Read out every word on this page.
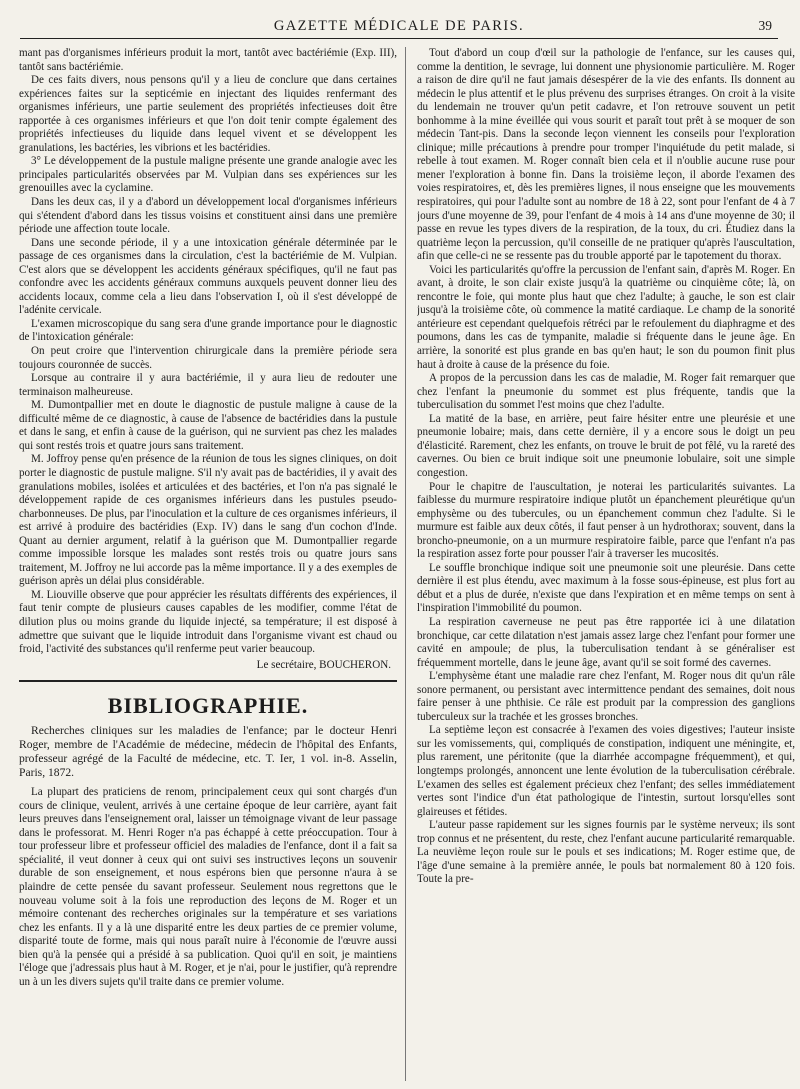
GAZETTE MÉDICALE DE PARIS.	39

mant pas d'organismes inférieurs produit la mort, tantôt avec bactériémie (Exp. III), tantôt sans bactériémie.

De ces faits divers, nous pensons qu'il y a lieu de conclure que dans certaines expériences faites sur la septicémie en injectant des liquides renfermant des organismes inférieurs, une partie seulement des propriétés infectieuses doit être rapportée à ces organismes inférieurs et que l'on doit tenir compte également des propriétés infectieuses du liquide dans lequel vivent et se développent les granulations, les bactéries, les vibrions et les bactéridies.

3° Le développement de la pustule maligne présente une grande analogie avec les principales particularités observées par M. Vulpian dans ses expériences sur les grenouilles avec la cyclamine.

Dans les deux cas, il y a d'abord un développement local d'organismes inférieurs qui s'étendent d'abord dans les tissus voisins et constituent ainsi dans une première période une affection toute locale.

Dans une seconde période, il y a une intoxication générale déterminée par le passage de ces organismes dans la circulation, c'est la bactériémie de M. Vulpian. C'est alors que se développent les accidents généraux spécifiques, qu'il ne faut pas confondre avec les accidents généraux communs auxquels peuvent donner lieu des accidents locaux, comme cela a lieu dans l'observation I, où il s'est développé de l'adénite cervicale.

L'examen microscopique du sang sera d'une grande importance pour le diagnostic de l'intoxication générale:

On peut croire que l'intervention chirurgicale dans la première période sera toujours couronnée de succès.

Lorsque au contraire il y aura bactériémie, il y aura lieu de redouter une terminaison malheureuse.

M. Dumontpallier met en doute le diagnostic de pustule maligne à cause de la difficulté même de ce diagnostic, à cause de l'absence de bactéridies dans la pustule et dans le sang, et enfin à cause de la guérison, qui ne survient pas chez les malades qui sont restés trois et quatre jours sans traitement.

M. Joffroy pense qu'en présence de la réunion de tous les signes cliniques, on doit porter le diagnostic de pustule maligne. S'il n'y avait pas de bactéridies, il y avait des granulations mobiles, isolées et articulées et des bactéries, et l'on n'a pas signalé le développement rapide de ces organismes inférieurs dans les pustules pseudo-charbonneuses. De plus, par l'inoculation et la culture de ces organismes inférieurs, il est arrivé à produire des bactéridies (Exp. IV) dans le sang d'un cochon d'Inde. Quant au dernier argument, relatif à la guérison que M. Dumontpallier regarde comme impossible lorsque les malades sont restés trois ou quatre jours sans traitement, M. Joffroy ne lui accorde pas la même importance. Il y a des exemples de guérison après un délai plus considérable.

M. Liouville observe que pour apprécier les résultats différents des expériences, il faut tenir compte de plusieurs causes capables de les modifier, comme l'état de dilution plus ou moins grande du liquide injecté, sa température; il est disposé à admettre que suivant que le liquide introduit dans l'organisme vivant est chaud ou froid, l'activité des substances qu'il renferme peut varier beaucoup.

Le secrétaire, BOUCHERON.
BIBLIOGRAPHIE.

Recherches cliniques sur les maladies de l'enfance; par le docteur Henri Roger, membre de l'Académie de médecine, médecin de l'hôpital des Enfants, professeur agrégé de la Faculté de médecine, etc. T. Ier, 1 vol. in-8. Asselin, Paris, 1872.

La plupart des praticiens de renom, principalement ceux qui sont chargés d'un cours de clinique, veulent, arrivés à une certaine époque de leur carrière, ayant fait leurs preuves dans l'enseignement oral, laisser un témoignage vivant de leur passage dans le professorat. M. Henri Roger n'a pas échappé à cette préoccupation. Tour à tour professeur libre et professeur officiel des maladies de l'enfance, dont il a fait sa spécialité, il veut donner à ceux qui ont suivi ses instructives leçons un souvenir durable de son enseignement, et nous espérons bien que personne n'aura à se plaindre de cette pensée du savant professeur. Seulement nous regrettons que le nouveau volume soit à la fois une reproduction des leçons de M. Roger et un mémoire contenant des recherches originales sur la température et ses variations chez les enfants. Il y a là une disparité entre les deux parties de ce premier volume, disparité toute de forme, mais qui nous paraît nuire à l'économie de l'œuvre aussi bien qu'à la pensée qui a présidé à sa publication. Quoi qu'il en soit, je maintiens l'éloge que j'adressais plus haut à M. Roger, et je n'ai, pour le justifier, qu'à reprendre un à un les divers sujets qu'il traite dans ce premier volume.

Tout d'abord un coup d'œil sur la pathologie de l'enfance, sur les causes qui, comme la dentition, le sevrage, lui donnent une physionomie particulière. M. Roger a raison de dire qu'il ne faut jamais désespérer de la vie des enfants. Ils donnent au médecin le plus attentif et le plus prévenu des surprises étranges. On croit à la visite du lendemain ne trouver qu'un petit cadavre, et l'on retrouve souvent un petit bonhomme à la mine éveillée qui vous sourit et paraît tout prêt à se moquer de son médecin Tant-pis. Dans la seconde leçon viennent les conseils pour l'exploration clinique; mille précautions à prendre pour tromper l'inquiétude du petit malade, si rebelle à tout examen. M. Roger connaît bien cela et il n'oublie aucune ruse pour mener l'exploration à bonne fin. Dans la troisième leçon, il aborde l'examen des voies respiratoires, et, dès les premières lignes, il nous enseigne que les mouvements respiratoires, qui pour l'adulte sont au nombre de 18 à 22, sont pour l'enfant de 4 à 7 jours d'une moyenne de 39, pour l'enfant de 4 mois à 14 ans d'une moyenne de 30; il passe en revue les types divers de la respiration, de la toux, du cri. Étudiez dans la quatrième leçon la percussion, qu'il conseille de ne pratiquer qu'après l'auscultation, afin que celle-ci ne se ressente pas du trouble apporté par le tapotement du thorax.

Voici les particularités qu'offre la percussion de l'enfant sain, d'après M. Roger. En avant, à droite, le son clair existe jusqu'à la quatrième ou cinquième côte; là, on rencontre le foie, qui monte plus haut que chez l'adulte; à gauche, le son est clair jusqu'à la troisième côte, où commence la matité cardiaque. Le champ de la sonorité antérieure est cependant quelquefois rétréci par le refoulement du diaphragme et des poumons, dans les cas de tympanite, maladie si fréquente dans le jeune âge. En arrière, la sonorité est plus grande en bas qu'en haut; le son du poumon finit plus haut à droite à cause de la présence du foie.

A propos de la percussion dans les cas de maladie, M. Roger fait remarquer que chez l'enfant la pneumonie du sommet est plus fréquente, tandis que la tuberculisation du sommet l'est moins que chez l'adulte.

La matité de la base, en arrière, peut faire hésiter entre une pleurésie et une pneumonie lobaire; mais, dans cette dernière, il y a encore sous le doigt un peu d'élasticité. Rarement, chez les enfants, on trouve le bruit de pot fêlé, vu la rareté des cavernes. Ou bien ce bruit indique soit une pneumonie lobulaire, soit une simple congestion.

Pour le chapitre de l'auscultation, je noterai les particularités suivantes. La faiblesse du murmure respiratoire indique plutôt un épanchement pleurétique qu'un emphysème ou des tubercules, ou un épanchement commun chez l'adulte. Si le murmure est faible aux deux côtés, il faut penser à un hydrothorax; souvent, dans la broncho-pneumonie, on a un murmure respiratoire faible, parce que l'enfant n'a pas la respiration assez forte pour pousser l'air à traverser les mucosités.

Le souffle bronchique indique soit une pneumonie soit une pleurésie. Dans cette dernière il est plus étendu, avec maximum à la fosse sous-épineuse, est plus fort au début et a plus de durée, n'existe que dans l'expiration et en même temps on sent à l'inspiration l'immobilité du poumon.

La respiration caverneuse ne peut pas être rapportée ici à une dilatation bronchique, car cette dilatation n'est jamais assez large chez l'enfant pour former une cavité en ampoule; de plus, la tuberculisation tendant à se généraliser est fréquemment mortelle, dans le jeune âge, avant qu'il se soit formé des cavernes.

L'emphysème étant une maladie rare chez l'enfant, M. Roger nous dit qu'un râle sonore permanent, ou persistant avec intermittence pendant des semaines, doit nous faire penser à une phthisie. Ce râle est produit par la compression des ganglions tuberculeux sur la trachée et les grosses bronches.

La septième leçon est consacrée à l'examen des voies digestives; l'auteur insiste sur les vomissements, qui, compliqués de constipation, indiquent une méningite, et, plus rarement, une péritonite (que la diarrhée accompagne fréquemment), et qui, longtemps prolongés, annoncent une lente évolution de la tuberculisation cérébrale. L'examen des selles est également précieux chez l'enfant; des selles immédiatement vertes sont l'indice d'un état pathologique de l'intestin, surtout lorsqu'elles sont glaireuses et fétides.

L'auteur passe rapidement sur les signes fournis par le système nerveux; ils sont trop connus et ne présentent, du reste, chez l'enfant aucune particularité remarquable. La neuvième leçon roule sur le pouls et ses indications; M. Roger estime que, de l'âge d'une semaine à la première année, le pouls bat normalement 80 à 120 fois. Toute la pre-
